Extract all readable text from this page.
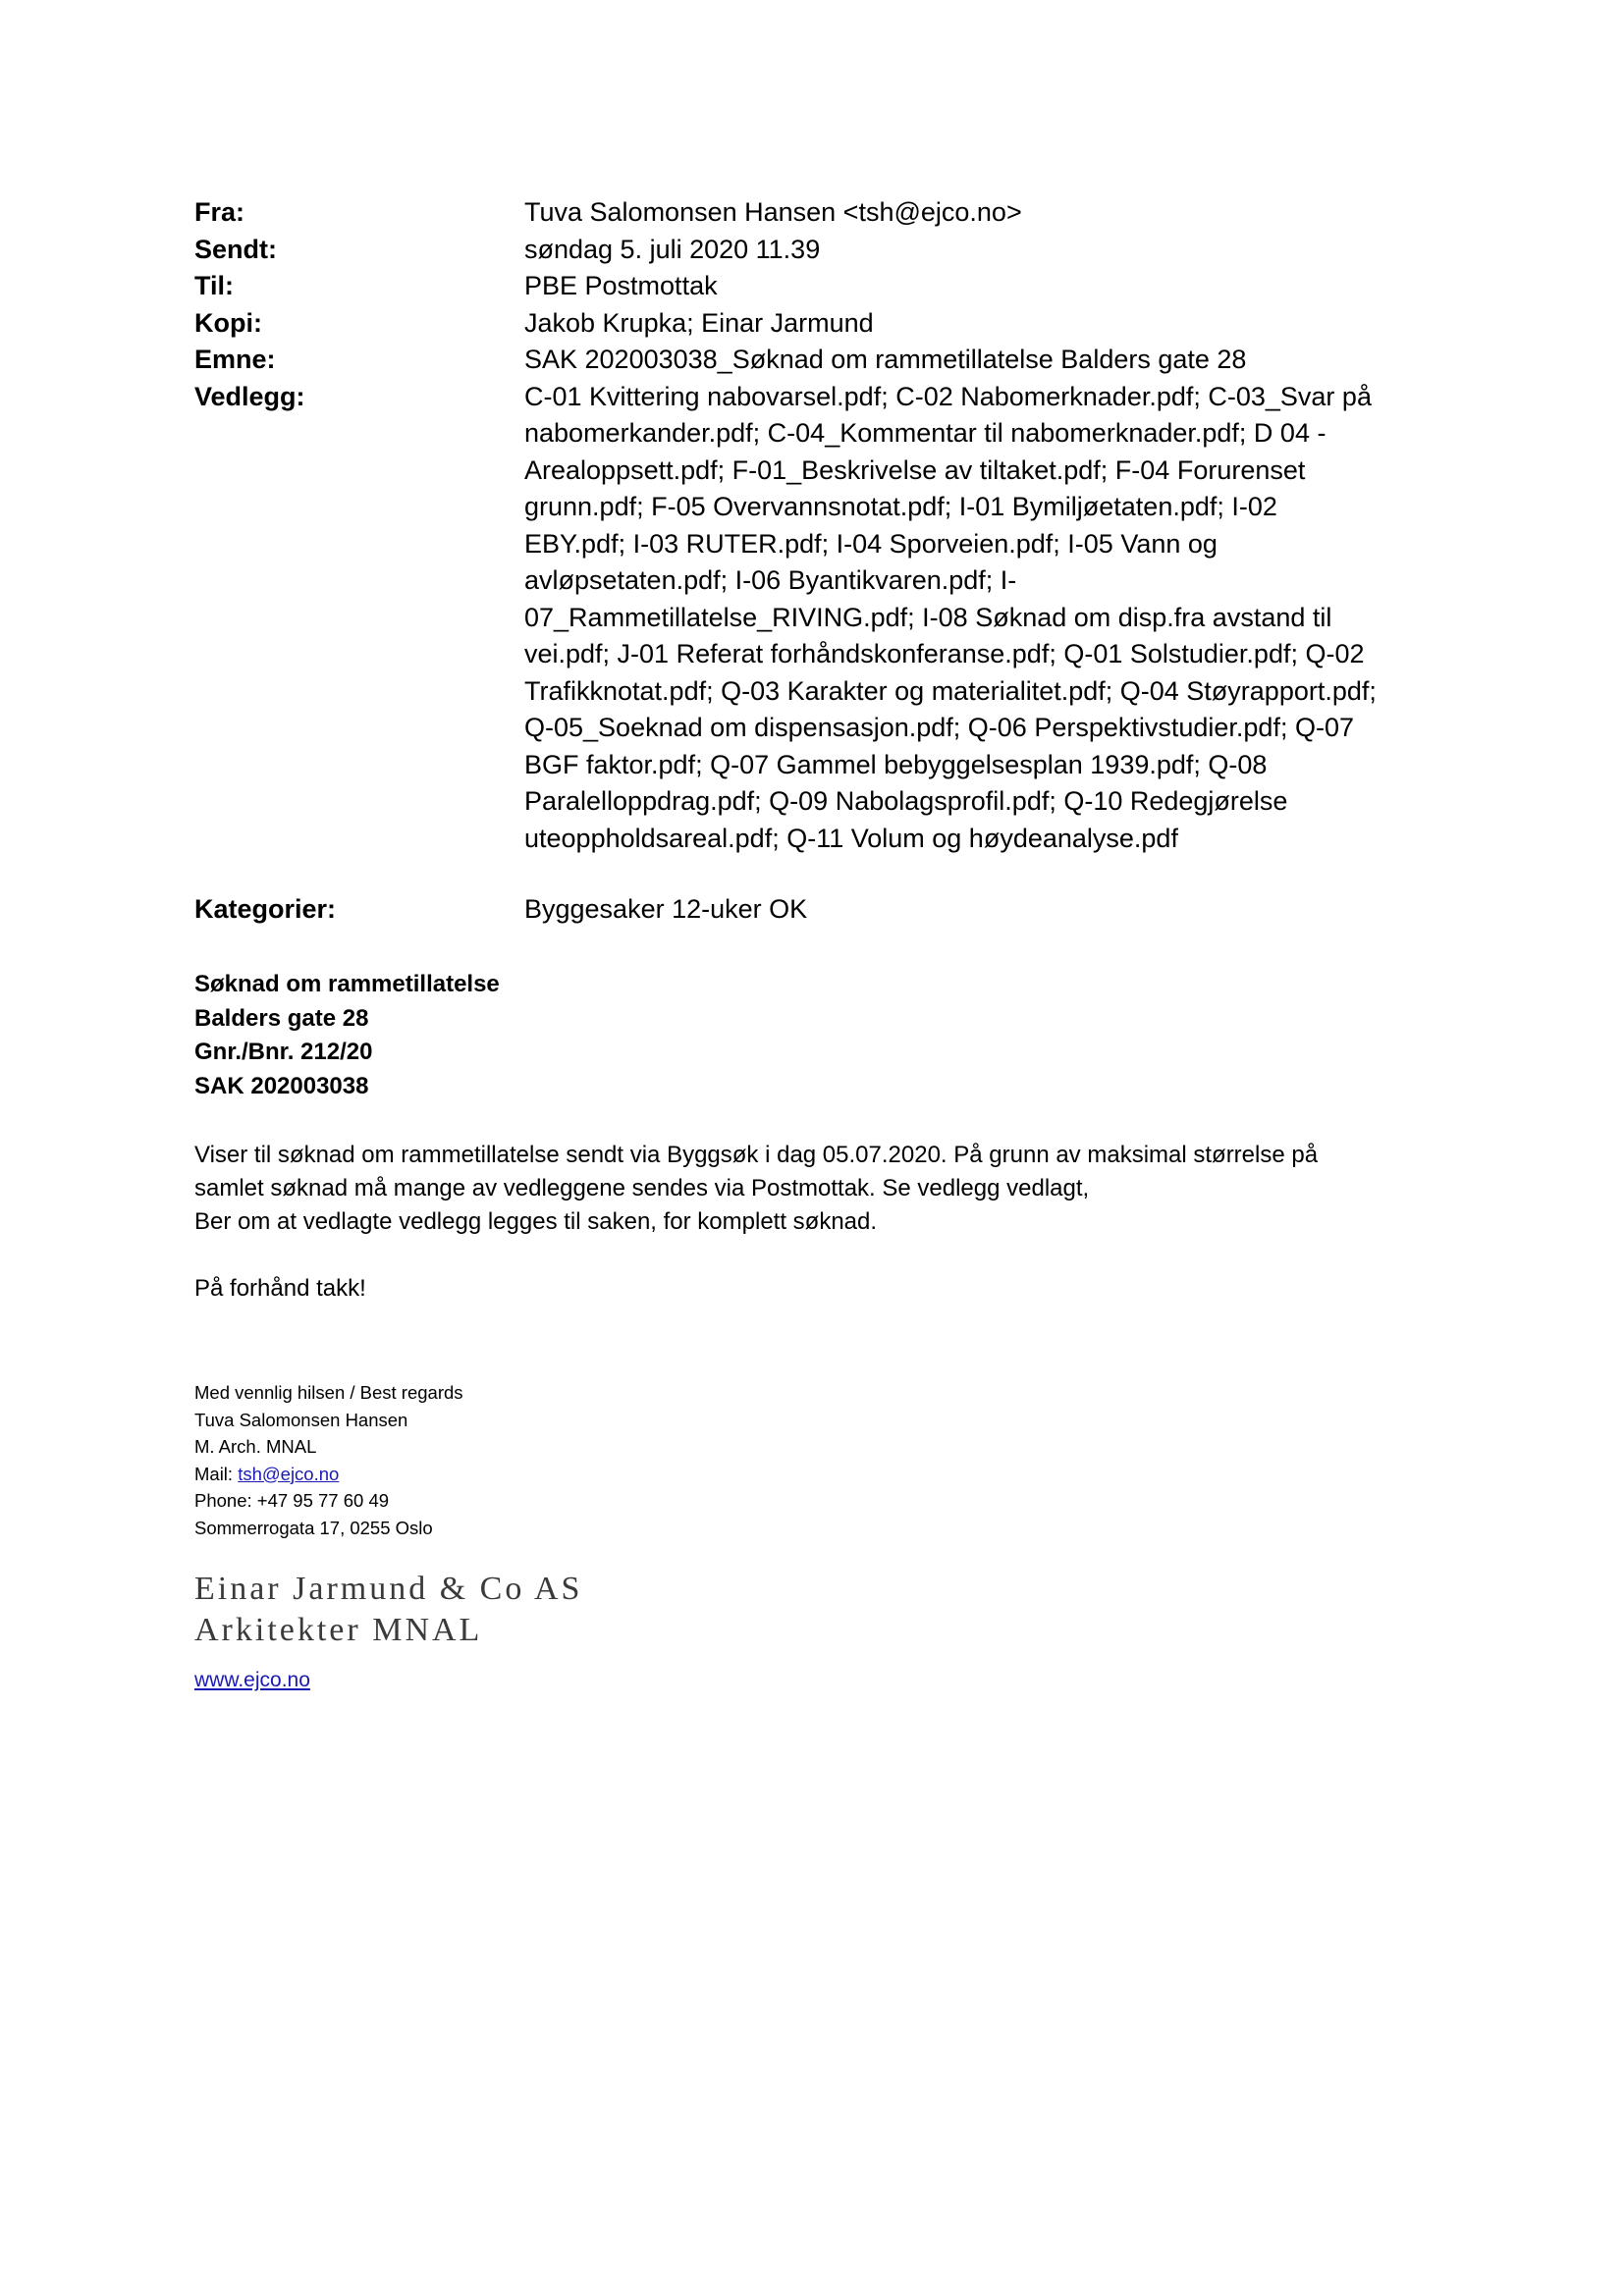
Fra:	Tuva Salomonsen Hansen <tsh@ejco.no>
Sendt:	søndag 5. juli 2020 11.39
Til:	PBE Postmottak
Kopi:	Jakob Krupka; Einar Jarmund
Emne:	SAK 202003038_Søknad om rammetillatelse Balders gate 28
Vedlegg:	C-01 Kvittering nabovarsel.pdf; C-02 Nabomerknader.pdf; C-03_Svar på
nabomerkander.pdf; C-04_Kommentar til nabomerknader.pdf; D 04 -
Arealoppsett.pdf; F-01_Beskrivelse av tiltaket.pdf; F-04 Forurenset
grunn.pdf; F-05 Overvannsnotat.pdf; I-01 Bymiljøetaten.pdf; I-02
EBY.pdf; I-03 RUTER.pdf; I-04 Sporveien.pdf; I-05 Vann og
avløpsetaten.pdf; I-06 Byantikvaren.pdf; I-
07_Rammetillatelse_RIVING.pdf; I-08 Søknad om disp.fra avstand til
vei.pdf; J-01 Referat forhåndskonferanse.pdf; Q-01 Solstudier.pdf; Q-02
Trafikknotat.pdf; Q-03 Karakter og materialitet.pdf; Q-04 Støyrapport.pdf;
Q-05_Soeknad om dispensasjon.pdf; Q-06 Perspektivstudier.pdf; Q-07
BGF faktor.pdf; Q-07 Gammel bebyggelsesplan 1939.pdf; Q-08
Paralelloppdrag.pdf; Q-09 Nabolagsprofil.pdf; Q-10 Redegjørelse
uteoppholdsareal.pdf; Q-11 Volum og høydeanalyse.pdf
Kategorier:	Byggesaker 12-uker OK
Søknad om rammetillatelse
Balders gate 28
Gnr./Bnr. 212/20
SAK 202003038

Viser til søknad om rammetillatelse sendt via Byggsøk i dag 05.07.2020. På grunn av maksimal størrelse på

samlet søknad må mange av vedleggene sendes via Postmottak. Se vedlegg vedlagt,

Ber om at vedlagte vedlegg legges til saken, for komplett søknad.

På forhånd takk!

Med vennlig hilsen / Best regards
Tuva Salomonsen Hansen
M. Arch. MNAL
Mail: tsh@ejco.no
Phone: +47 95 77 60 49
Sommerrogata 17, 0255 Oslo
Einar Jarmund & Co AS
Arkitekter MNAL
www.ejco.no
